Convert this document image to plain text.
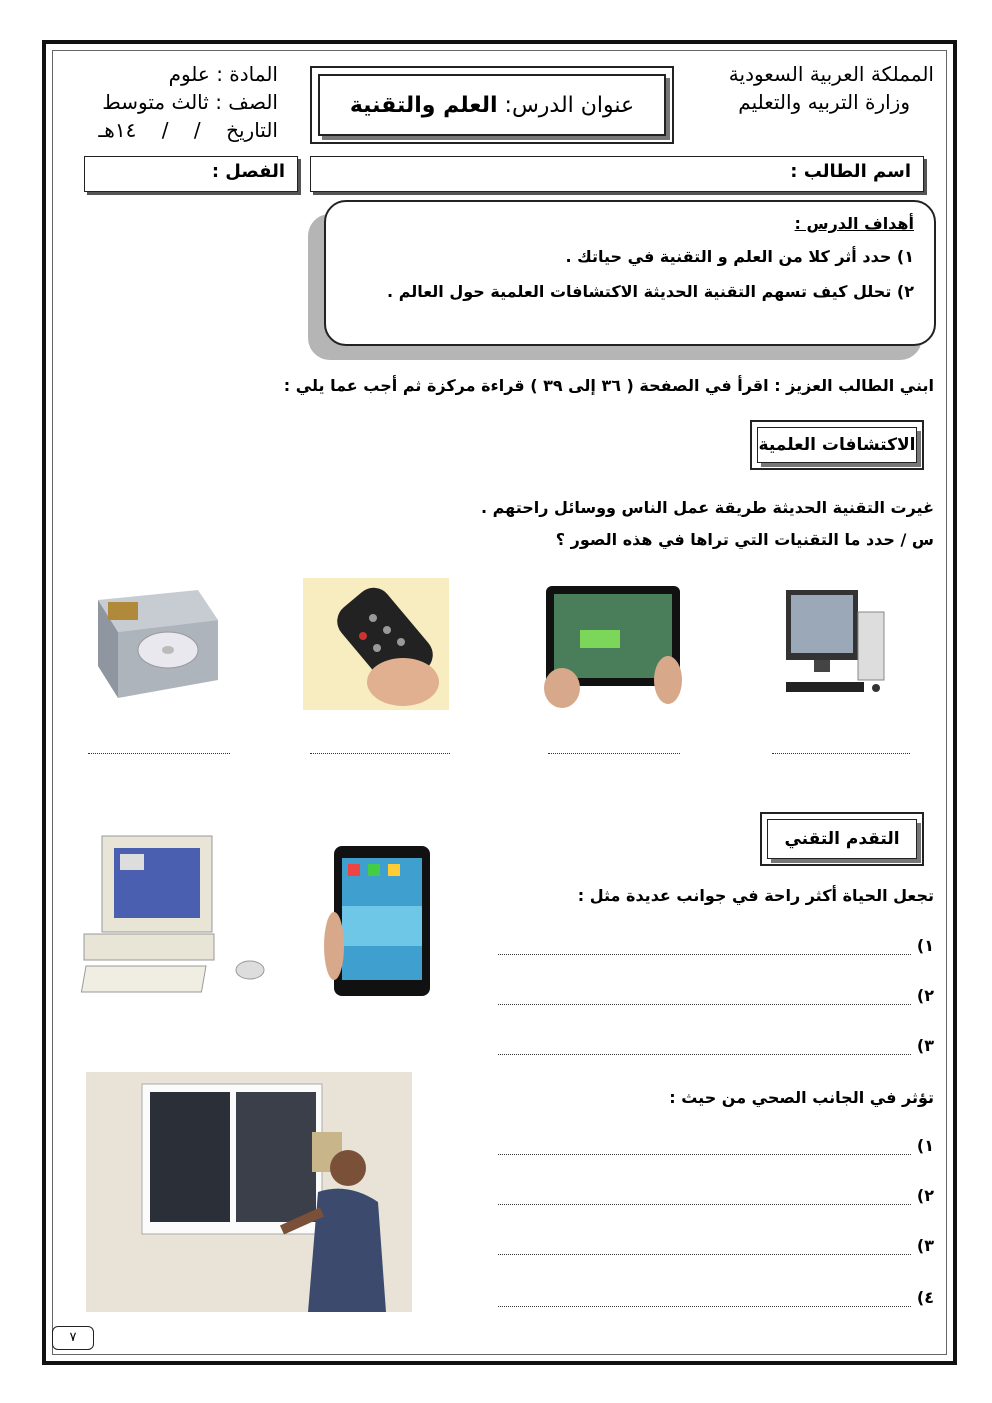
المملكة العربية السعودية
وزارة التربيه والتعليم
المادة : علوم
الصف : ثالث متوسط
التاريخ    /    /    ١٤هـ
عنوان الدرس:

العلم والتقنية
اسم الطالب :
الفصل :
أهداف الدرس :
١) حدد أثر كلا من العلم و التقنية في حياتك .
٢) تحلل كيف تسهم التقنية الحديثة الاكتشافات العلمية حول العالم .
ابني الطالب العزيز : اقرأ في الصفحة ( ٣٦ إلى ٣٩ ) قراءة مركزة ثم أجب عما يلي :
الاكتشافات العلمية
غيرت التقنية الحديثة طريقة عمل الناس ووسائل راحتهم .
س / حدد ما التقنيات التي تراها في هذه الصور ؟
التقدم التقني
تجعل الحياة أكثر راحة في جوانب عديدة مثل :
١)
٢)
٣)
تؤثر في الجانب الصحي من حيث :
١)
٢)
٣)
٤)
٧
